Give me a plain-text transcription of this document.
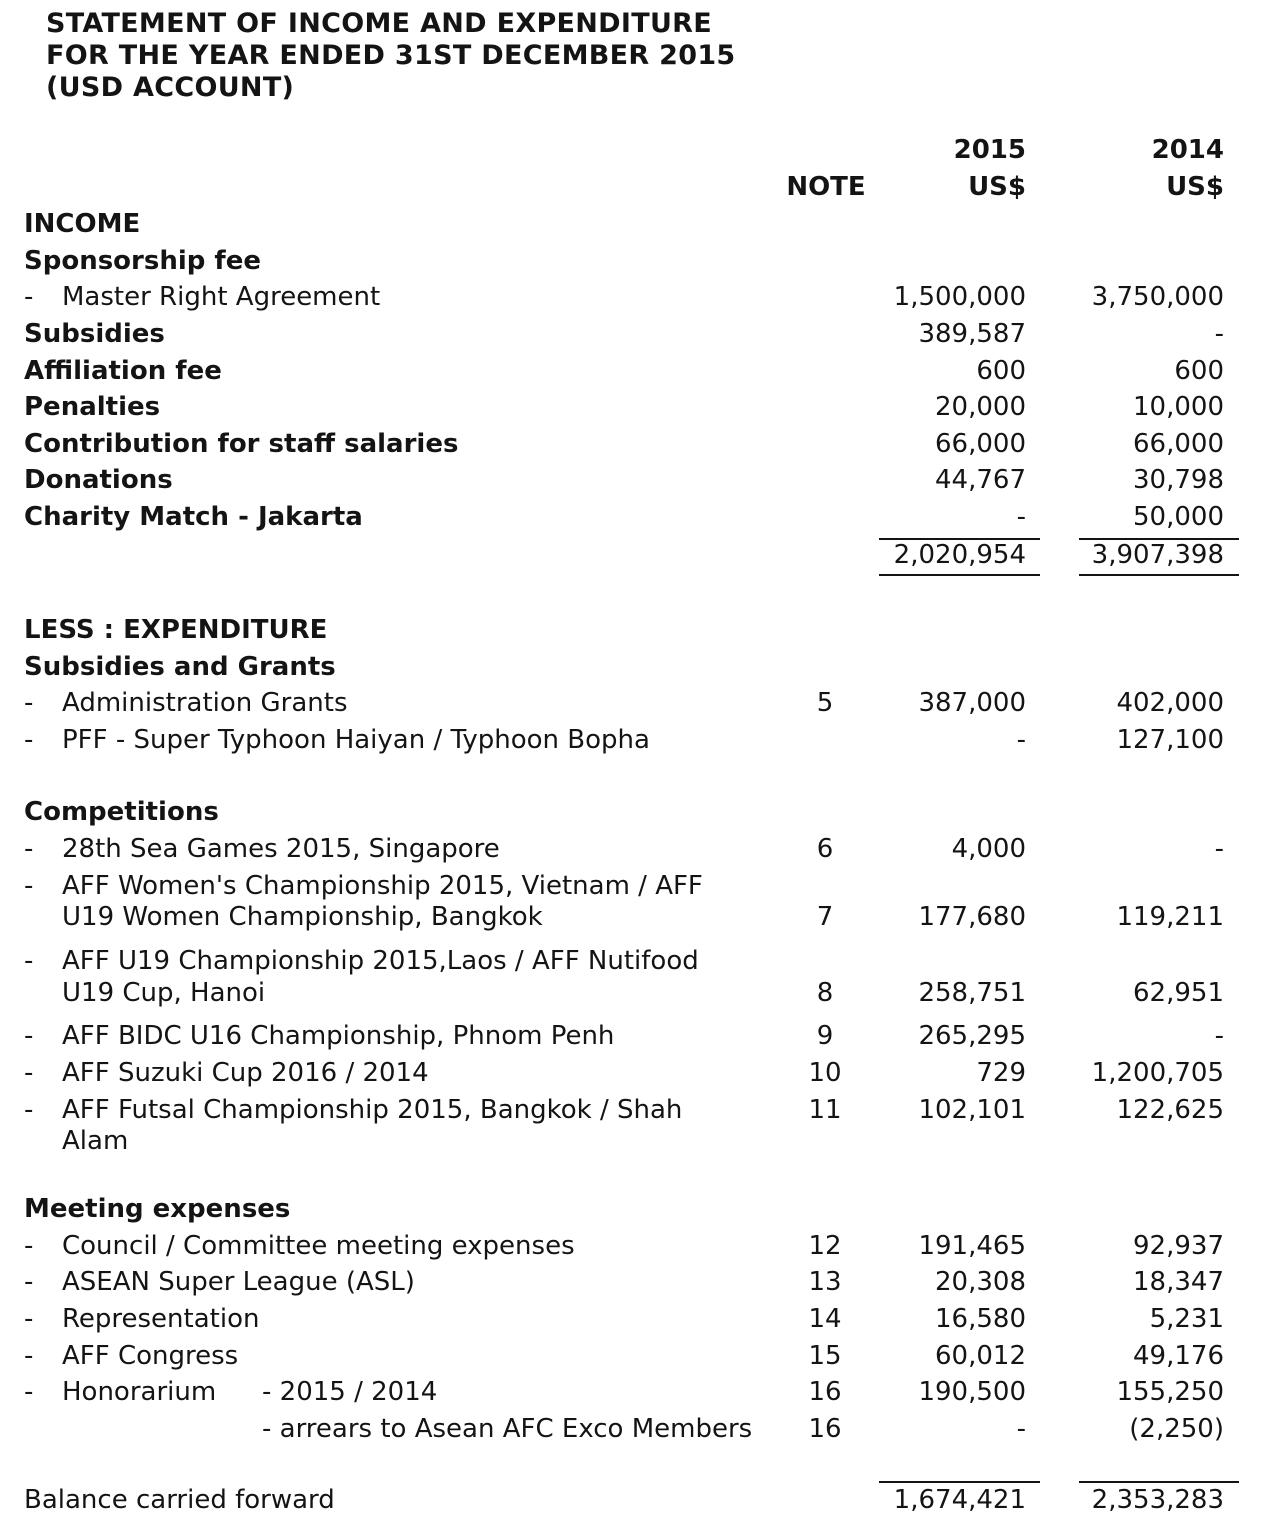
STATEMENT OF INCOME AND EXPENDITURE
FOR THE YEAR ENDED 31ST DECEMBER 2015
(USD ACCOUNT)
2015	2014
NOTE	US$	US$
INCOME
Sponsorship fee
- Master Right Agreement	1,500,000	3,750,000
Subsidies	389,587	-
Affiliation fee	600	600
Penalties	20,000	10,000
Contribution for staff salaries	66,000	66,000
Donations	44,767	30,798
Charity Match - Jakarta	-	50,000
2,020,954	3,907,398
LESS : EXPENDITURE
Subsidies and Grants
- Administration Grants	5	387,000	402,000
- PFF - Super Typhoon Haiyan / Typhoon Bopha	-	127,100
Competitions
- 28th Sea Games 2015, Singapore	6	4,000	-
- AFF Women's Championship 2015, Vietnam / AFF
U19 Women Championship, Bangkok	7	177,680	119,211
- AFF U19 Championship 2015,Laos / AFF Nutifood
U19 Cup, Hanoi	8	258,751	62,951
- AFF BIDC U16 Championship, Phnom Penh	9	265,295	-
- AFF Suzuki Cup 2016 / 2014	10	729	1,200,705
- AFF Futsal Championship 2015, Bangkok / Shah
Alam
11	102,101	122,625
Meeting expenses
- Council / Committee meeting expenses	12	191,465	92,937
- ASEAN Super League (ASL)	13	20,308	18,347
- Representation	14	16,580	5,231
- AFF Congress	15	60,012	49,176
- Honorarium - 2015 / 2014	16	190,500	155,250
- arrears to Asean AFC Exco Members	16	-	(2,250)
Balance carried forward	1,674,421	2,353,283
